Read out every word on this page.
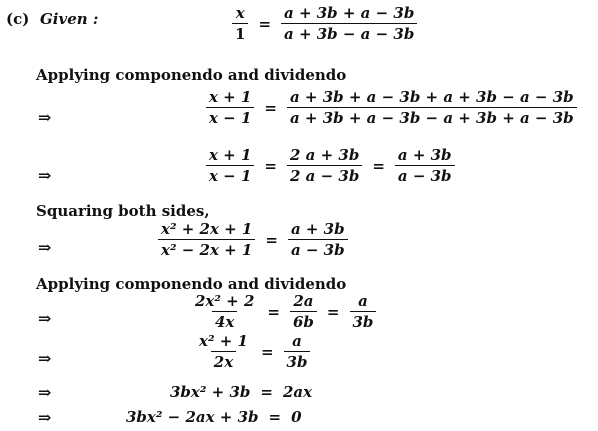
(c) Given :	$\frac{x}{1} = \frac{a + 3b + a - 3b}{a + 3b - a - 3b}$
Applying componendo and dividendo
⇒	$\frac{x + 1}{x - 1} = \frac{a + 3b + a - 3b + a + 3b - a - 3b}{a + 3b + a - 3b - a + 3b + a - 3b}$
⇒	$\frac{x + 1}{x - 1} = \frac{2 a + 3b}{2 a - 3b} = \frac{a + 3b}{a - 3b}$
Squaring both sides,
⇒	$\frac{\text{x² + 2x + 1}}{\text{x² − 2x + 1}} = \frac{a + 3b}{a - 3b}$
Applying componendo and dividendo
⇒	$\frac{\text{2x² + 2}}{4x} = \frac{2a}{6b} = \frac{a}{3b}$
⇒	$\frac{\text{x² + 1}}{2x} = \frac{a}{3b}$
⇒	3bx² + 3b = 2ax
⇒	3bx² − 2ax + 3b = 0
